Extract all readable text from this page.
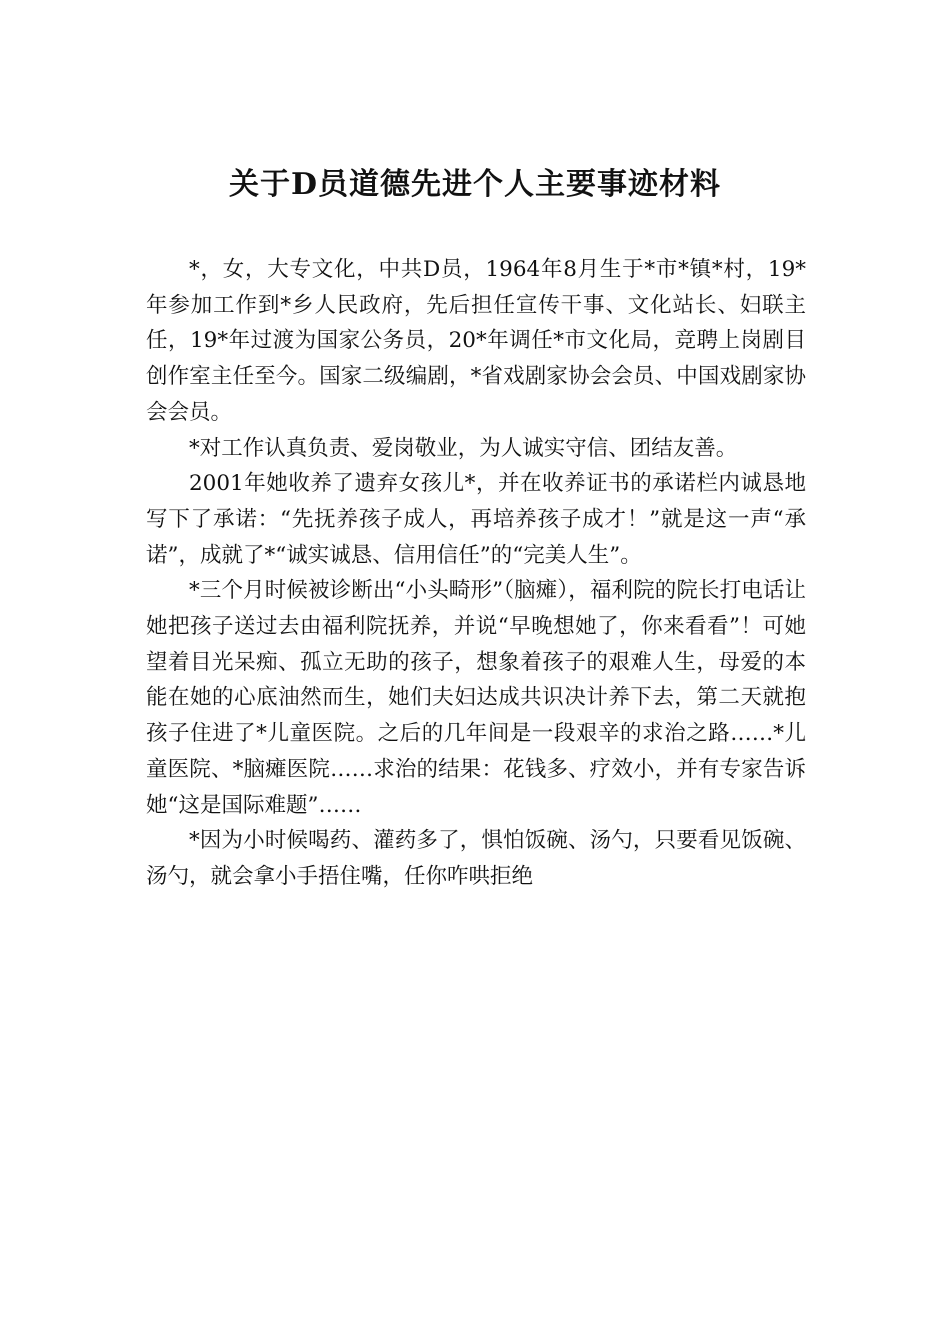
关于D员道德先进个人主要事迹材料

*，女，大专文化，中共D员，1964年8月生于*市*镇*村，19*年参加工作到*乡人民政府，先后担任宣传干事、文化站长、妇联主任，19*年过渡为国家公务员，20*年调任*市文化局，竞聘上岗剧目创作室主任至今。国家二级编剧，*省戏剧家协会会员、中国戏剧家协会会员。

*对工作认真负责、爱岗敬业，为人诚实守信、团结友善。

2001年她收养了遗弃女孩儿*，并在收养证书的承诺栏内诚恳地写下了承诺：“先抚养孩子成人，再培养孩子成才！”就是这一声“承诺”，成就了*“诚实诚恳、信用信任”的“完美人生”。

*三个月时候被诊断出“小头畸形”（脑瘫），福利院的院长打电话让她把孩子送过去由福利院抚养，并说“早晚想她了，你来看看”！可她望着目光呆痴、孤立无助的孩子，想象着孩子的艰难人生，母爱的本能在她的心底油然而生，她们夫妇达成共识决计养下去，第二天就抱孩子住进了*儿童医院。之后的几年间是一段艰辛的求治之路……*儿童医院、*脑瘫医院……求治的结果：花钱多、疗效小，并有专家告诉她“这是国际难题”……

*因为小时候喝药、灌药多了，惧怕饭碗、汤勺，只要看见饭碗、汤勺，就会拿小手捂住嘴，任你咋哄拒绝
